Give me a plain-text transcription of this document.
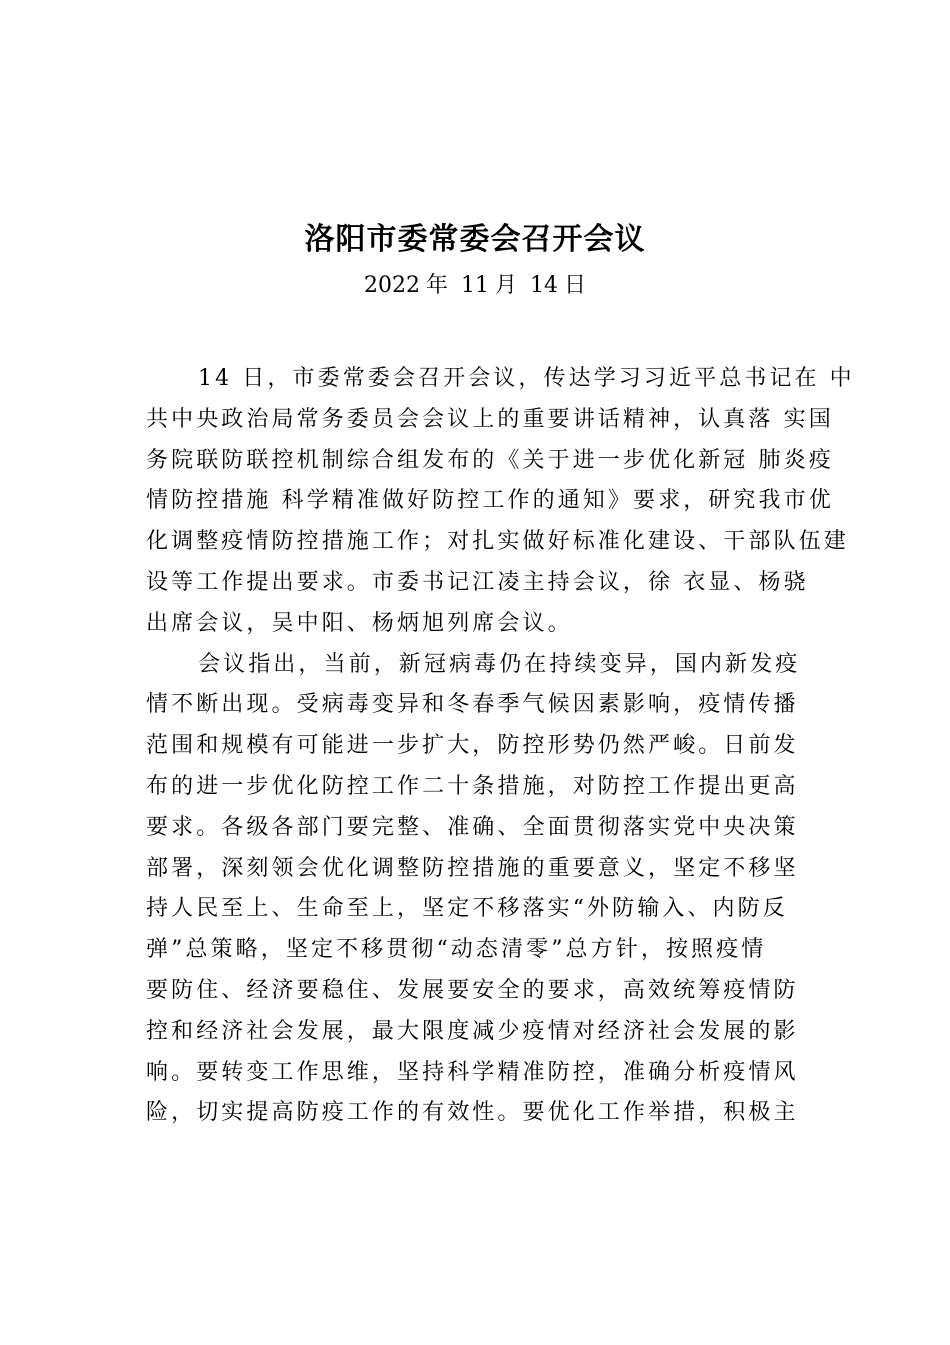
洛阳市委常委会召开会议
2022 年 11 月 14 日
14 日，市委常委会召开会议，传达学习习近平总书记在 中
共中央政治局常务委员会会议上的重要讲话精神，认真落 实国
务院联防联控机制综合组发布的《关于进一步优化新冠 肺炎疫
情防控措施 科学精准做好防控工作的通知》要求，研究我市优
化调整疫情防控措施工作；对扎实做好标准化建设、干部队伍建
设等工作提出要求。市委书记江凌主持会议，徐 衣显、杨骁
出席会议，吴中阳、杨炳旭列席会议。
会议指出，当前，新冠病毒仍在持续变异，国内新发疫
情不断出现。受病毒变异和冬春季气候因素影响，疫情传播
范围和规模有可能进一步扩大，防控形势仍然严峻。日前发
布的进一步优化防控工作二十条措施，对防控工作提出更高
要求。各级各部门要完整、准确、全面贯彻落实党中央决策
部署，深刻领会优化调整防控措施的重要意义，坚定不移坚
持人民至上、生命至上，坚定不移落实“外防输入、内防反
弹”总策略，坚定不移贯彻“动态清零”总方针，按照疫情
要防住、经济要稳住、发展要安全的要求，高效统筹疫情防
控和经济社会发展，最大限度减少疫情对经济社会发展的影
响。要转变工作思维，坚持科学精准防控，准确分析疫情风
险，切实提高防疫工作的有效性。要优化工作举措，积极主
